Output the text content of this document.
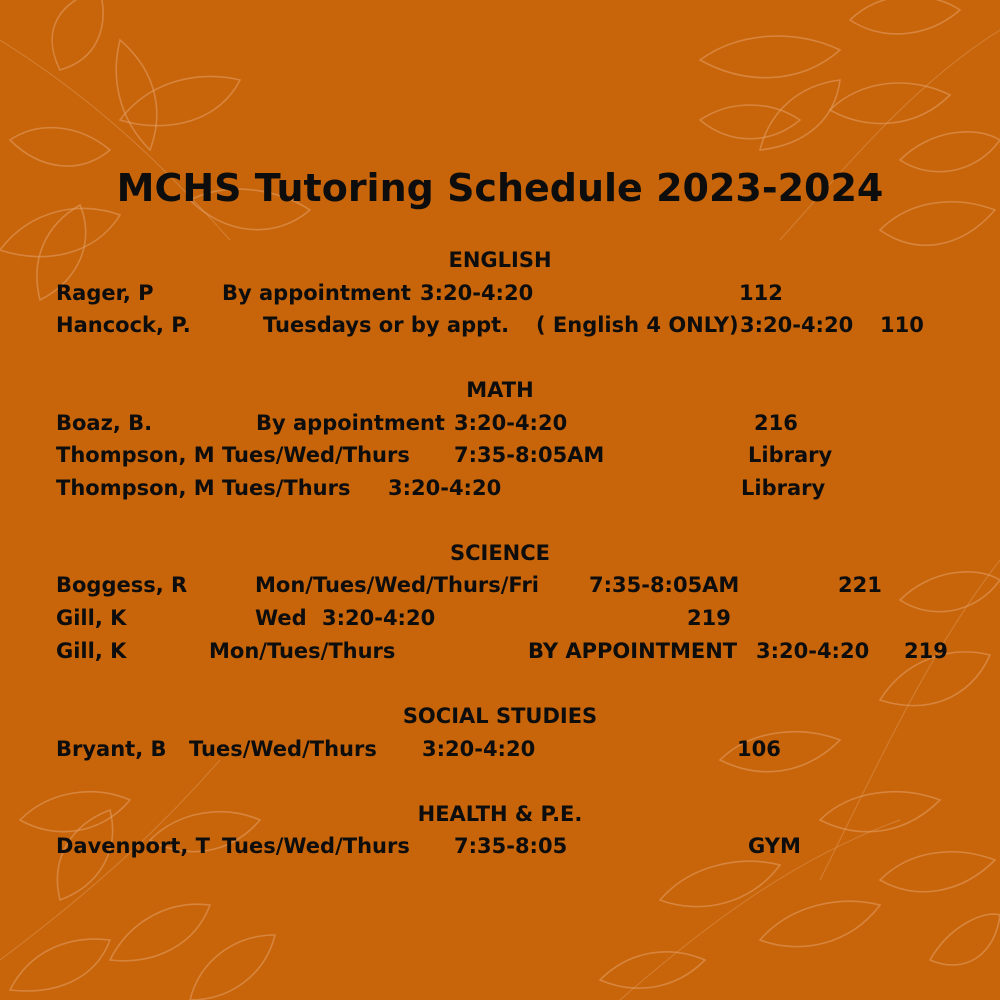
MCHS Tutoring Schedule 2023-2024
ENGLISH
Rager, P	By appointment 3:20-4:20	112
Hancock, P.	Tuesdays or by appt. ( English 4 ONLY) 3:20-4:20 110
MATH
Boaz, B.	By appointment 3:20-4:20	216
Thompson, M Tues/Wed/Thurs 7:35-8:05AM	Library
Thompson, M Tues/Thurs 3:20-4:20	Library
SCIENCE
Boggess, R	Mon/Tues/Wed/Thurs/Fri 7:35-8:05AM	221
Gill, K	Wed 3:20-4:20	219
Gill, K	Mon/Tues/Thurs	BY APPOINTMENT 3:20-4:20 219
SOCIAL STUDIES
Bryant, B Tues/Wed/Thurs 3:20-4:20	106
HEALTH & P.E.
Davenport, T Tues/Wed/Thurs 7:35-8:05	GYM
